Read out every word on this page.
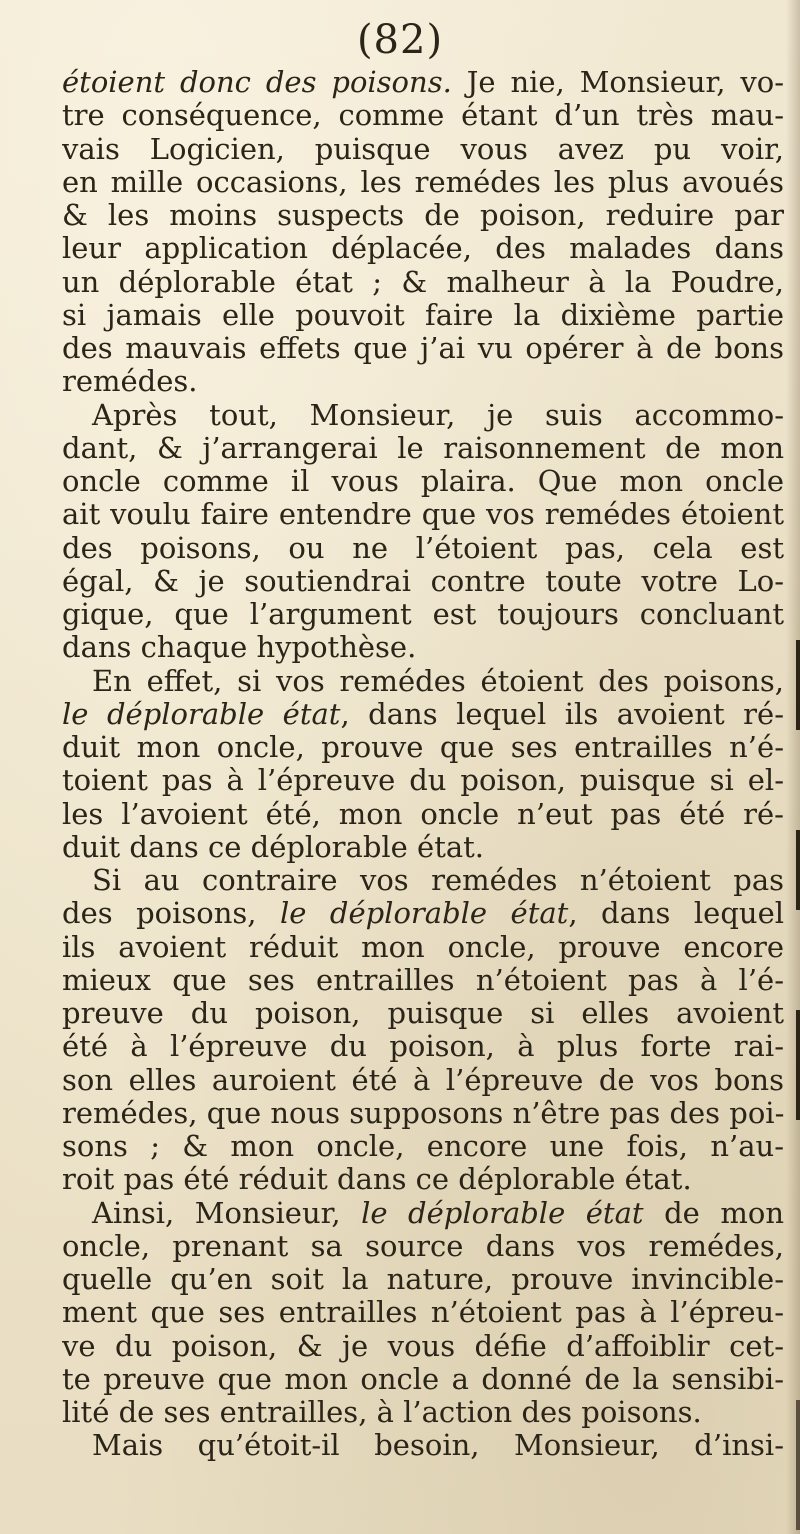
(82)
étoient donc des poisons. Je nie, Monsieur, vo-
tre conséquence, comme étant d’un très mau-
vais Logicien, puisque vous avez pu voir,
en mille occasions, les remédes les plus avoués
& les moins suspects de poison, reduire par
leur application déplacée, des malades dans
un déplorable état ; & malheur à la Poudre,
si jamais elle pouvoit faire la dixième partie
des mauvais effets que j’ai vu opérer à de bons
remédes.
Après tout, Monsieur, je suis accommo-
dant, & j’arrangerai le raisonnement de mon
oncle comme il vous plaira. Que mon oncle
ait voulu faire entendre que vos remédes étoient
des poisons, ou ne l’étoient pas, cela est
égal, & je soutiendrai contre toute votre Lo-
gique, que l’argument est toujours concluant
dans chaque hypothèse.
En effet, si vos remédes étoient des poisons,
le déplorable état, dans lequel ils avoient ré-
duit mon oncle, prouve que ses entrailles n’é-
toient pas à l’épreuve du poison, puisque si el-
les l’avoient été, mon oncle n’eut pas été ré-
duit dans ce déplorable état.
Si au contraire vos remédes n’étoient pas
des poisons, le déplorable état, dans lequel
ils avoient réduit mon oncle, prouve encore
mieux que ses entrailles n’étoient pas à l’é-
preuve du poison, puisque si elles avoient
été à l’épreuve du poison, à plus forte rai-
son elles auroient été à l’épreuve de vos bons
remédes, que nous supposons n’être pas des poi-
sons ; & mon oncle, encore une fois, n’au-
roit pas été réduit dans ce déplorable état.
Ainsi, Monsieur, le déplorable état de mon
oncle, prenant sa source dans vos remédes,
quelle qu’en soit la nature, prouve invincible-
ment que ses entrailles n’étoient pas à l’épreu-
ve du poison, & je vous défie d’affoiblir cet-
te preuve que mon oncle a donné de la sensibi-
lité de ses entrailles, à l’action des poisons.
Mais qu’étoit-il besoin, Monsieur, d’insi-
